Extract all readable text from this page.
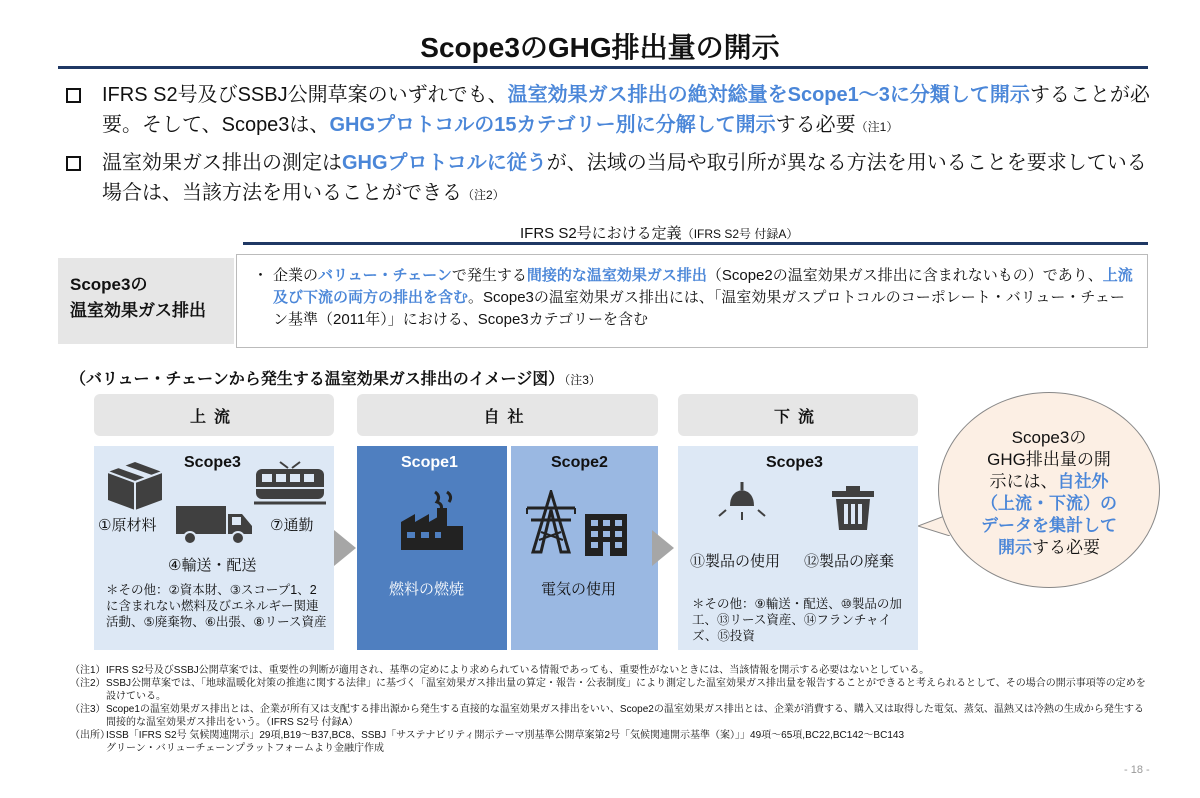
Scope3のGHG排出量の開示
IFRS S2号及びSSBJ公開草案のいずれでも、温室効果ガス排出の絶対総量をScope1～3に分類して開示することが必要。そして、Scope3は、GHGプロトコルの15カテゴリー別に分解して開示する必要（注1）
温室効果ガス排出の測定はGHGプロトコルに従うが、法域の当局や取引所が異なる方法を用いることを要求している場合は、当該方法を用いることができる（注2）
IFRS S2号における定義（IFRS S2号 付録A）
Scope3の
温室効果ガス排出
・ 企業のバリュー・チェーンで発生する間接的な温室効果ガス排出（Scope2の温室効果ガス排出に含まれないもの）であり、上流及び下流の両方の排出を含む。Scope3の温室効果ガス排出には、「温室効果ガスプロトコルのコーポレート・バリュー・チェーン基準（2011年）」における、Scope3カテゴリーを含む
（バリュー・チェーンから発生する温室効果ガス排出のイメージ図）（注3）
上流	自社	下流
Scope3
①原材料	⑦通勤
④輸送・配送
＊その他：②資本財、③スコープ1、2に含まれない燃料及びエネルギー関連活動、⑤廃棄物、⑥出張、⑧リース資産
Scope1
燃料の燃焼
Scope2
電気の使用
Scope3
⑪製品の使用 ⑫製品の廃棄
＊その他：⑨輸送・配送、⑩製品の加工、⑬リース資産、⑭フランチャイズ、⑮投資
Scope3の
GHG排出量の開
示には、自社外
（上流・下流）の
データを集計して
開示する必要
（注1）IFRS S2号及びSSBJ公開草案では、重要性の判断が適用され、基準の定めにより求められている情報であっても、重要性がないときには、当該情報を開示する必要はないとしている。
（注2）SSBJ公開草案では、「地球温暖化対策の推進に関する法律」に基づく「温室効果ガス排出量の算定・報告・公表制度」により測定した温室効果ガス排出量を報告することができると考えられるとして、その場合の開示事項等の定めを設けている。
（注3）Scope1の温室効果ガス排出とは、企業が所有又は支配する排出源から発生する直接的な温室効果ガス排出をいい、Scope2の温室効果ガス排出とは、企業が消費する、購入又は取得した電気、蒸気、温熱又は冷熱の生成から発生する間接的な温室効果ガス排出をいう。（IFRS S2号 付録A）
（出所）ISSB「IFRS S2号 気候関連開示」29項,B19～B37,BC8、SSBJ「サステナビリティ開示テーマ別基準公開草案第2号「気候関連開示基準（案）」」49項～65項,BC22,BC142～BC143
グリーン・バリューチェーンプラットフォームより金融庁作成
- 18 -
